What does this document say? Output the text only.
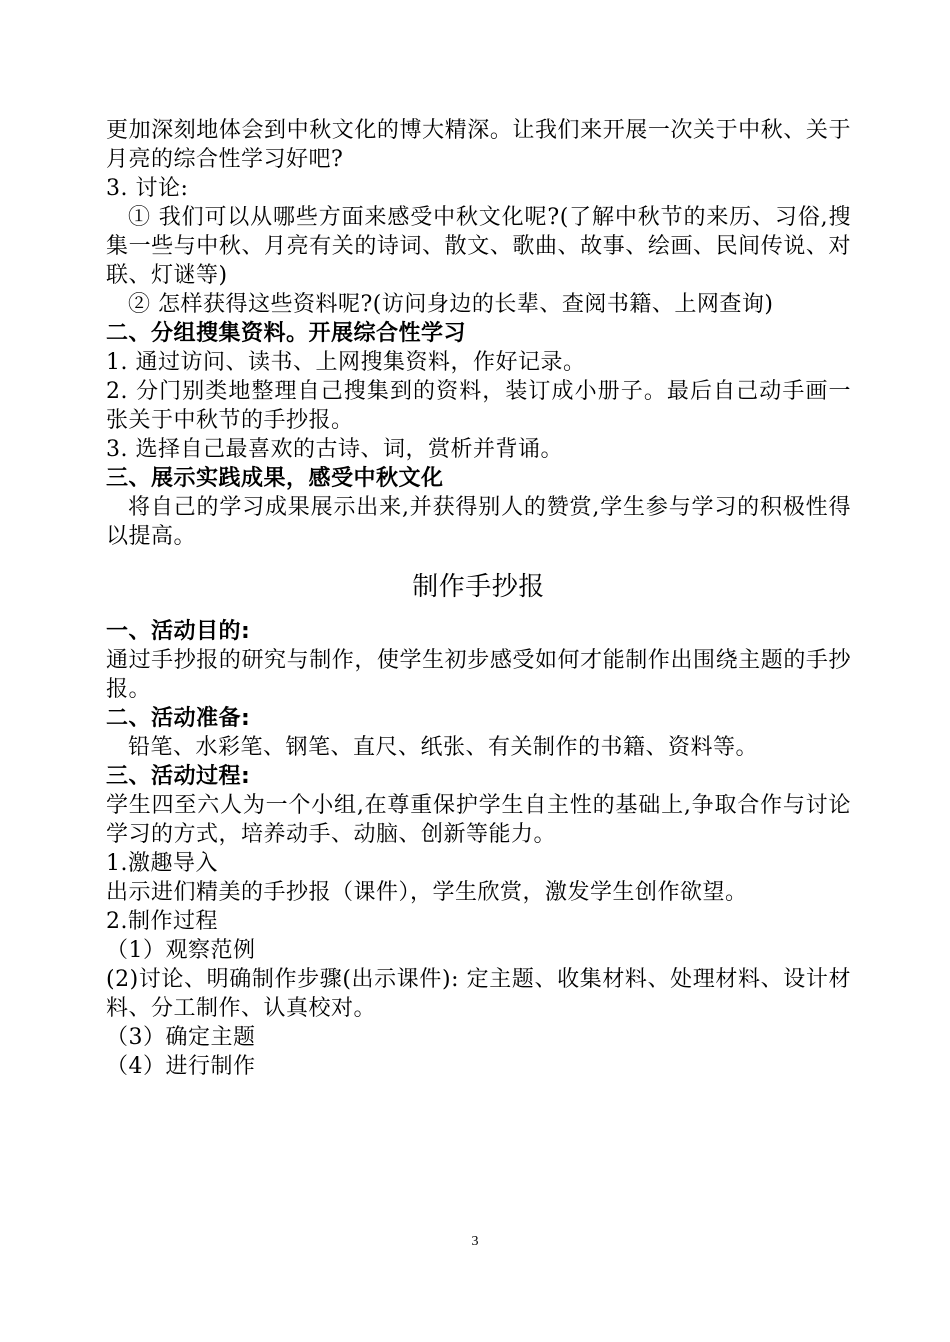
更加深刻地体会到中秋文化的博大精深。让我们来开展一次关于中秋、关于月亮的综合性学习好吧?

3. 讨论:

① 我们可以从哪些方面来感受中秋文化呢?(了解中秋节的来历、习俗,搜集一些与中秋、月亮有关的诗词、散文、歌曲、故事、绘画、民间传说、对联、灯谜等)

② 怎样获得这些资料呢?(访问身边的长辈、查阅书籍、上网查询)

二、分组搜集资料。开展综合性学习

1. 通过访问、读书、上网搜集资料，作好记录。

2. 分门别类地整理自己搜集到的资料，装订成小册子。最后自己动手画一张关于中秋节的手抄报。

3. 选择自己最喜欢的古诗、词，赏析并背诵。

三、展示实践成果，感受中秋文化

将自己的学习成果展示出来,并获得别人的赞赏,学生参与学习的积极性得以提高。

制作手抄报

一、活动目的:

通过手抄报的研究与制作，使学生初步感受如何才能制作出围绕主题的手抄报。

二、活动准备:

铅笔、水彩笔、钢笔、直尺、纸张、有关制作的书籍、资料等。

三、活动过程:

学生四至六人为一个小组,在尊重保护学生自主性的基础上,争取合作与讨论学习的方式，培养动手、动脑、创新等能力。

1.激趣导入

出示进们精美的手抄报（课件），学生欣赏，激发学生创作欲望。

2.制作过程

（1）观察范例

(2)讨论、明确制作步骤(出示课件): 定主题、收集材料、处理材料、设计材料、分工制作、认真校对。

（3）确定主题

（4）进行制作

3
